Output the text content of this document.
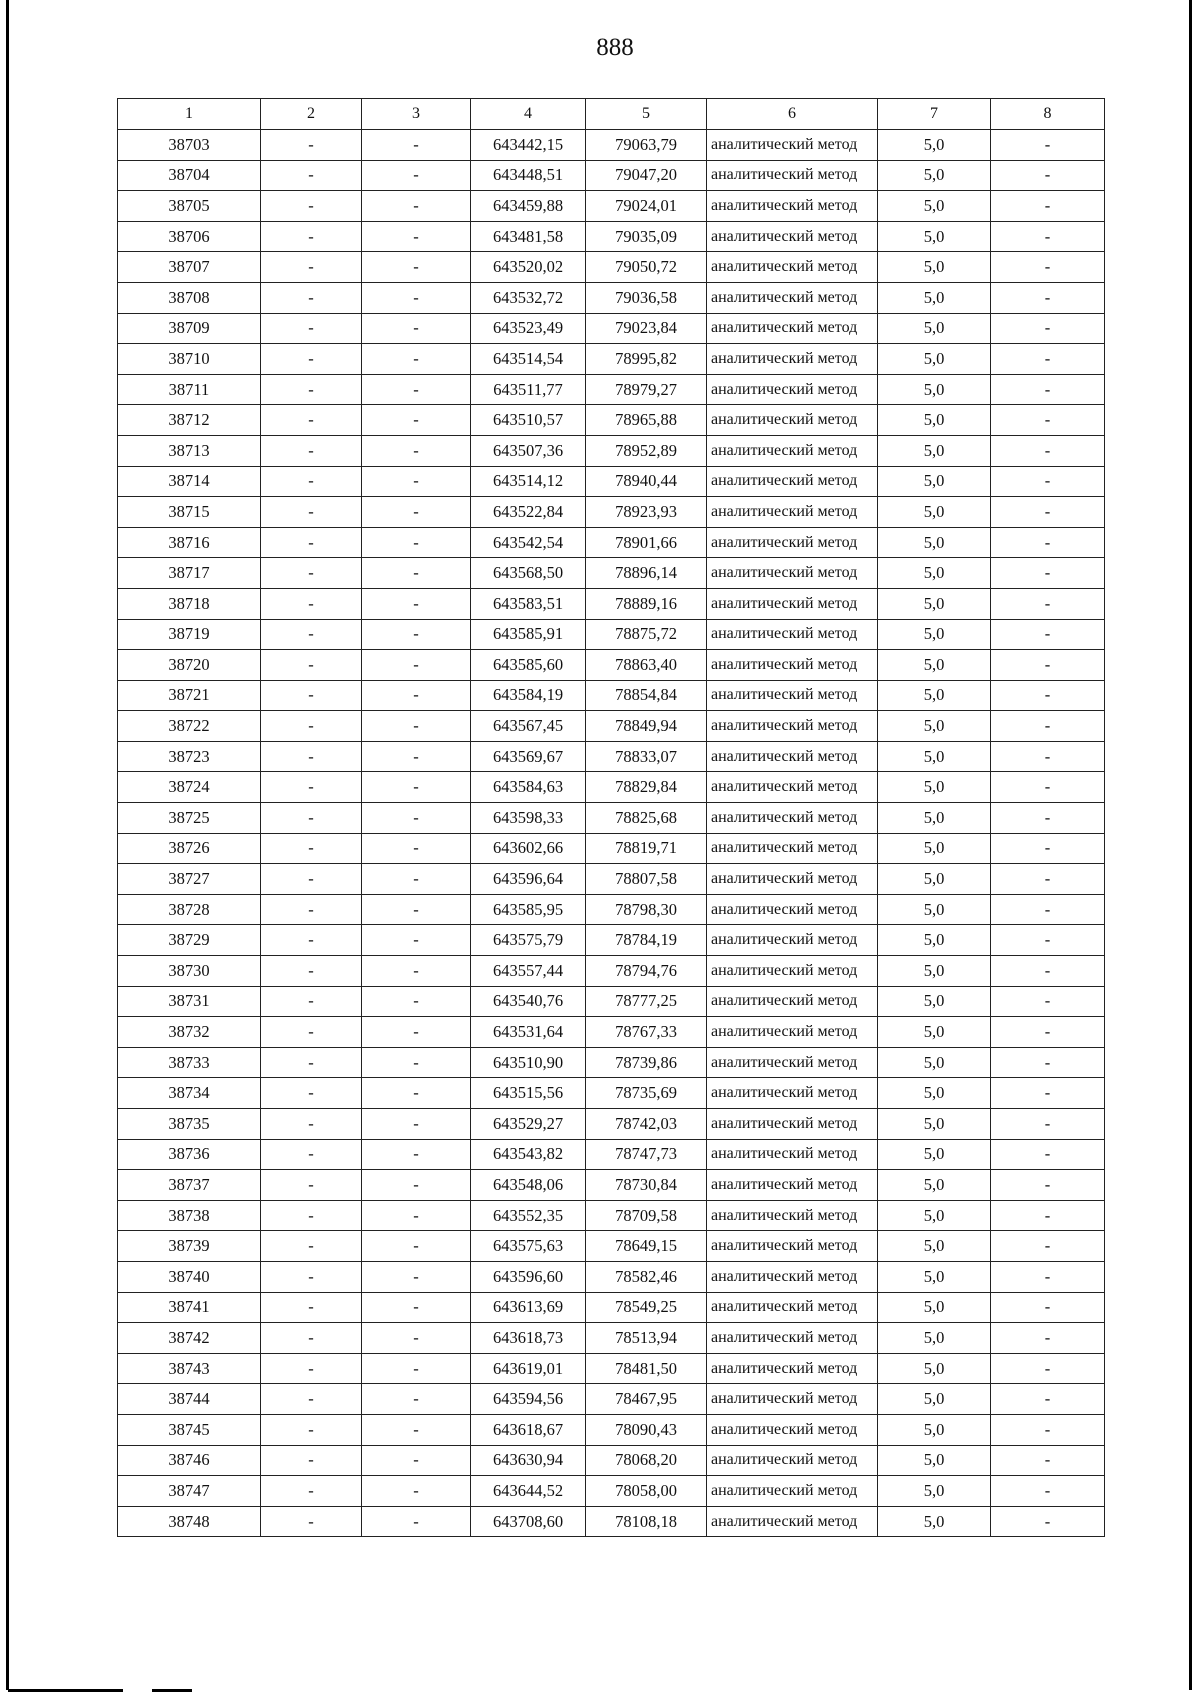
888
1	2	3	4	5	6	7	8
38703	-	-	643442,15	79063,79	аналитический метод	5,0	-
38704	-	-	643448,51	79047,20	аналитический метод	5,0	-
38705	-	-	643459,88	79024,01	аналитический метод	5,0	-
38706	-	-	643481,58	79035,09	аналитический метод	5,0	-
38707	-	-	643520,02	79050,72	аналитический метод	5,0	-
38708	-	-	643532,72	79036,58	аналитический метод	5,0	-
38709	-	-	643523,49	79023,84	аналитический метод	5,0	-
38710	-	-	643514,54	78995,82	аналитический метод	5,0	-
38711	-	-	643511,77	78979,27	аналитический метод	5,0	-
38712	-	-	643510,57	78965,88	аналитический метод	5,0	-
38713	-	-	643507,36	78952,89	аналитический метод	5,0	-
38714	-	-	643514,12	78940,44	аналитический метод	5,0	-
38715	-	-	643522,84	78923,93	аналитический метод	5,0	-
38716	-	-	643542,54	78901,66	аналитический метод	5,0	-
38717	-	-	643568,50	78896,14	аналитический метод	5,0	-
38718	-	-	643583,51	78889,16	аналитический метод	5,0	-
38719	-	-	643585,91	78875,72	аналитический метод	5,0	-
38720	-	-	643585,60	78863,40	аналитический метод	5,0	-
38721	-	-	643584,19	78854,84	аналитический метод	5,0	-
38722	-	-	643567,45	78849,94	аналитический метод	5,0	-
38723	-	-	643569,67	78833,07	аналитический метод	5,0	-
38724	-	-	643584,63	78829,84	аналитический метод	5,0	-
38725	-	-	643598,33	78825,68	аналитический метод	5,0	-
38726	-	-	643602,66	78819,71	аналитический метод	5,0	-
38727	-	-	643596,64	78807,58	аналитический метод	5,0	-
38728	-	-	643585,95	78798,30	аналитический метод	5,0	-
38729	-	-	643575,79	78784,19	аналитический метод	5,0	-
38730	-	-	643557,44	78794,76	аналитический метод	5,0	-
38731	-	-	643540,76	78777,25	аналитический метод	5,0	-
38732	-	-	643531,64	78767,33	аналитический метод	5,0	-
38733	-	-	643510,90	78739,86	аналитический метод	5,0	-
38734	-	-	643515,56	78735,69	аналитический метод	5,0	-
38735	-	-	643529,27	78742,03	аналитический метод	5,0	-
38736	-	-	643543,82	78747,73	аналитический метод	5,0	-
38737	-	-	643548,06	78730,84	аналитический метод	5,0	-
38738	-	-	643552,35	78709,58	аналитический метод	5,0	-
38739	-	-	643575,63	78649,15	аналитический метод	5,0	-
38740	-	-	643596,60	78582,46	аналитический метод	5,0	-
38741	-	-	643613,69	78549,25	аналитический метод	5,0	-
38742	-	-	643618,73	78513,94	аналитический метод	5,0	-
38743	-	-	643619,01	78481,50	аналитический метод	5,0	-
38744	-	-	643594,56	78467,95	аналитический метод	5,0	-
38745	-	-	643618,67	78090,43	аналитический метод	5,0	-
38746	-	-	643630,94	78068,20	аналитический метод	5,0	-
38747	-	-	643644,52	78058,00	аналитический метод	5,0	-
38748	-	-	643708,60	78108,18	аналитический метод	5,0	-
